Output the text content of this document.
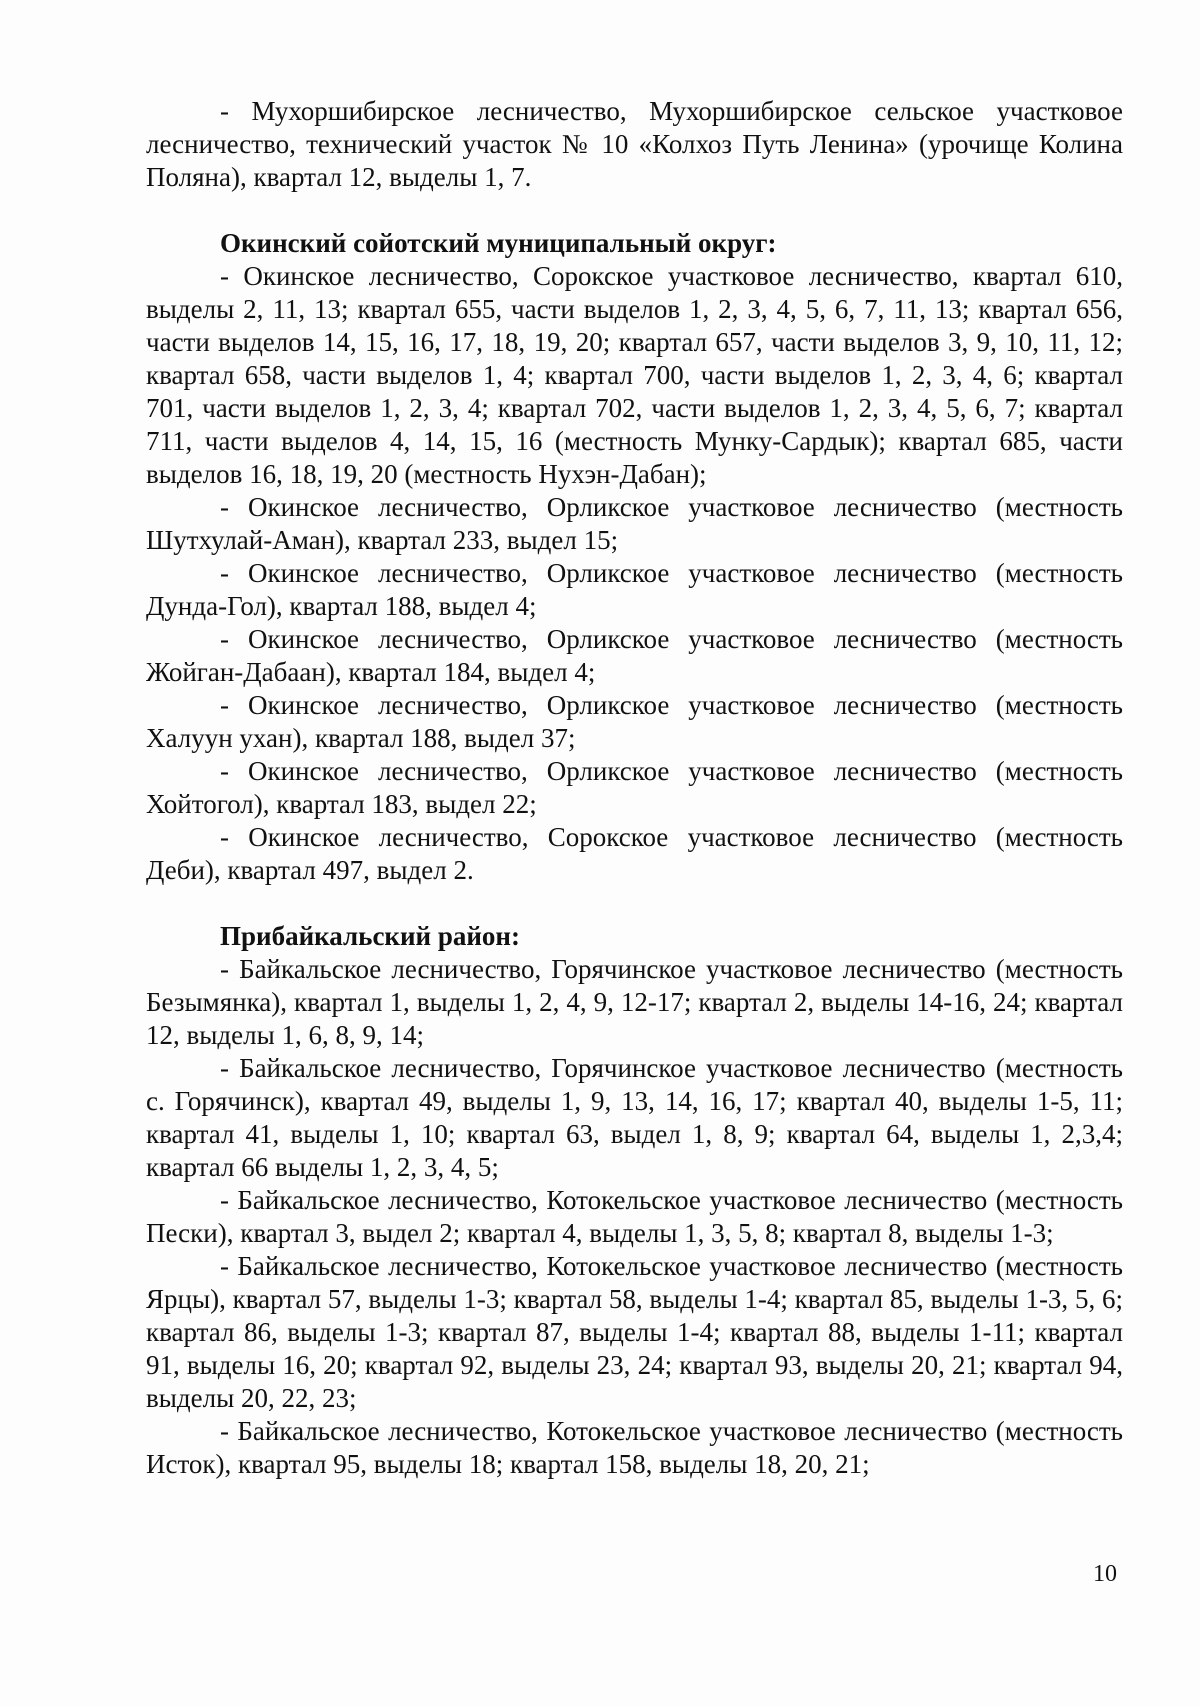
- Мухоршибирское лесничество, Мухоршибирское сельское участковое лесничество, технический участок № 10 «Колхоз Путь Ленина» (урочище Колина Поляна), квартал 12, выделы 1, 7.

Окинский сойотский муниципальный округ:

- Окинское лесничество, Сорокское участковое лесничество, квартал 610, выделы 2, 11, 13; квартал 655, части выделов 1, 2, 3, 4, 5, 6, 7, 11, 13; квартал 656, части выделов 14, 15, 16, 17, 18, 19, 20; квартал 657, части выделов 3, 9, 10, 11, 12; квартал 658, части выделов 1, 4; квартал 700, части выделов 1, 2, 3, 4, 6; квартал 701, части выделов 1, 2, 3, 4; квартал 702, части выделов 1, 2, 3, 4, 5, 6, 7; квартал 711, части выделов 4, 14, 15, 16 (местность Мунку-Сардык); квартал 685, части выделов 16, 18, 19, 20 (местность Нухэн-Дабан);

- Окинское лесничество, Орликское участковое лесничество (местность Шутхулай-Аман), квартал 233, выдел 15;

- Окинское лесничество, Орликское участковое лесничество (местность Дунда-Гол), квартал 188, выдел 4;

- Окинское лесничество, Орликское участковое лесничество (местность Жойган-Дабаан), квартал 184, выдел 4;

- Окинское лесничество, Орликское участковое лесничество (местность Халуун ухан), квартал 188, выдел 37;

- Окинское лесничество, Орликское участковое лесничество (местность Хойтогол), квартал 183, выдел 22;

- Окинское лесничество, Сорокское участковое лесничество (местность Деби), квартал 497, выдел 2.

Прибайкальский район:

- Байкальское лесничество, Горячинское участковое лесничество (местность Безымянка), квартал 1, выделы 1, 2, 4, 9, 12-17; квартал 2, выделы 14-16, 24; квартал 12, выделы 1, 6, 8, 9, 14;

- Байкальское лесничество, Горячинское участковое лесничество (местность с. Горячинск), квартал 49, выделы 1, 9, 13, 14, 16, 17; квартал 40, выделы 1-5, 11; квартал 41, выделы 1, 10; квартал 63, выдел 1, 8, 9; квартал 64, выделы 1, 2,3,4; квартал 66 выделы 1, 2, 3, 4, 5;

- Байкальское лесничество, Котокельское участковое лесничество (местность Пески), квартал 3, выдел 2; квартал 4, выделы 1, 3, 5, 8; квартал 8, выделы 1-3;

- Байкальское лесничество, Котокельское участковое лесничество (местность Ярцы), квартал 57, выделы 1-3; квартал 58, выделы 1-4; квартал 85, выделы 1-3, 5, 6; квартал 86, выделы 1-3; квартал 87, выделы 1-4; квартал 88, выделы 1-11; квартал 91, выделы 16, 20; квартал 92, выделы 23, 24; квартал 93, выделы 20, 21; квартал 94, выделы 20, 22, 23;

- Байкальское лесничество, Котокельское участковое лесничество (местность Исток), квартал 95, выделы 18; квартал 158, выделы 18, 20, 21;

10
